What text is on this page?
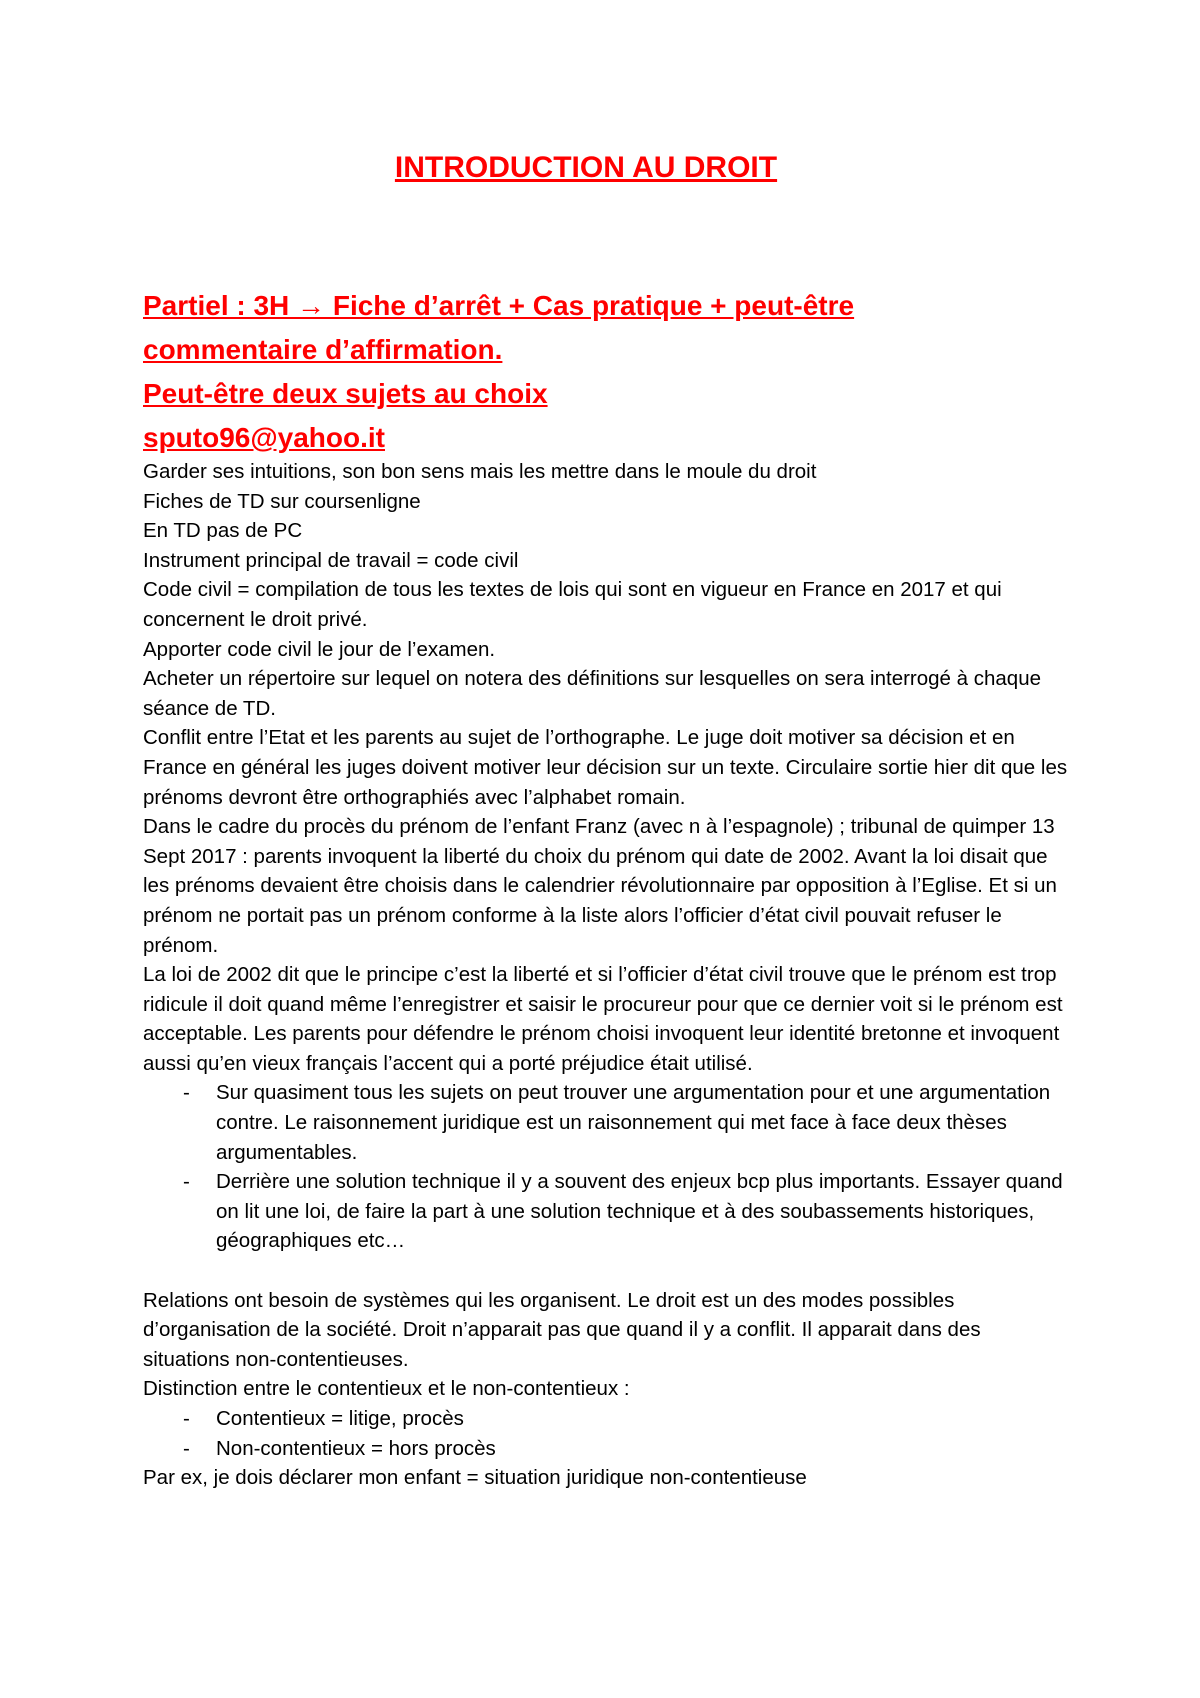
INTRODUCTION AU DROIT
Partiel : 3H → Fiche d’arrêt + Cas pratique + peut-être
commentaire d’affirmation.
Peut-être deux sujets au choix
sputo96@yahoo.it

Garder ses intuitions, son bon sens mais les mettre dans le moule du droit

Fiches de TD sur coursenligne

En TD pas de PC

Instrument principal de travail = code civil

Code civil = compilation de tous les textes de lois qui sont en vigueur en France en 2017 et qui concernent le droit privé.

Apporter code civil le jour de l’examen.

Acheter un répertoire sur lequel on notera des définitions sur lesquelles on sera interrogé à chaque séance de TD.

Conflit entre l’Etat et les parents au sujet de l’orthographe. Le juge doit motiver sa décision et en France en général les juges doivent motiver leur décision sur un texte. Circulaire sortie hier dit que les prénoms devront être orthographiés avec l’alphabet romain.

Dans le cadre du procès du prénom de l’enfant Franz (avec n à l’espagnole) ; tribunal de quimper 13 Sept 2017 : parents invoquent la liberté du choix du prénom qui date de 2002. Avant la loi disait que les prénoms devaient être choisis dans le calendrier révolutionnaire par opposition à l’Eglise. Et si un prénom ne portait pas un prénom conforme à la liste alors l’officier d’état civil pouvait refuser le prénom.

La loi de 2002 dit que le principe c’est la liberté et si l’officier d’état civil trouve que le prénom est trop ridicule il doit quand même l’enregistrer et saisir le procureur pour que ce dernier voit si le prénom est acceptable. Les parents pour défendre le prénom choisi invoquent leur identité bretonne et invoquent aussi qu’en vieux français l’accent qui a porté préjudice était utilisé.

- Sur quasiment tous les sujets on peut trouver une argumentation pour et une argumentation contre. Le raisonnement juridique est un raisonnement qui met face à face deux thèses argumentables.
- Derrière une solution technique il y a souvent des enjeux bcp plus importants. Essayer quand on lit une loi, de faire la part à une solution technique et à des soubassements historiques, géographiques etc…

Relations ont besoin de systèmes qui les organisent. Le droit est un des modes possibles d’organisation de la société. Droit n’apparait pas que quand il y a conflit. Il apparait dans des situations non-contentieuses.

Distinction entre le contentieux et le non-contentieux :

- Contentieux = litige, procès
- Non-contentieux = hors procès

Par ex, je dois déclarer mon enfant = situation juridique non-contentieuse
